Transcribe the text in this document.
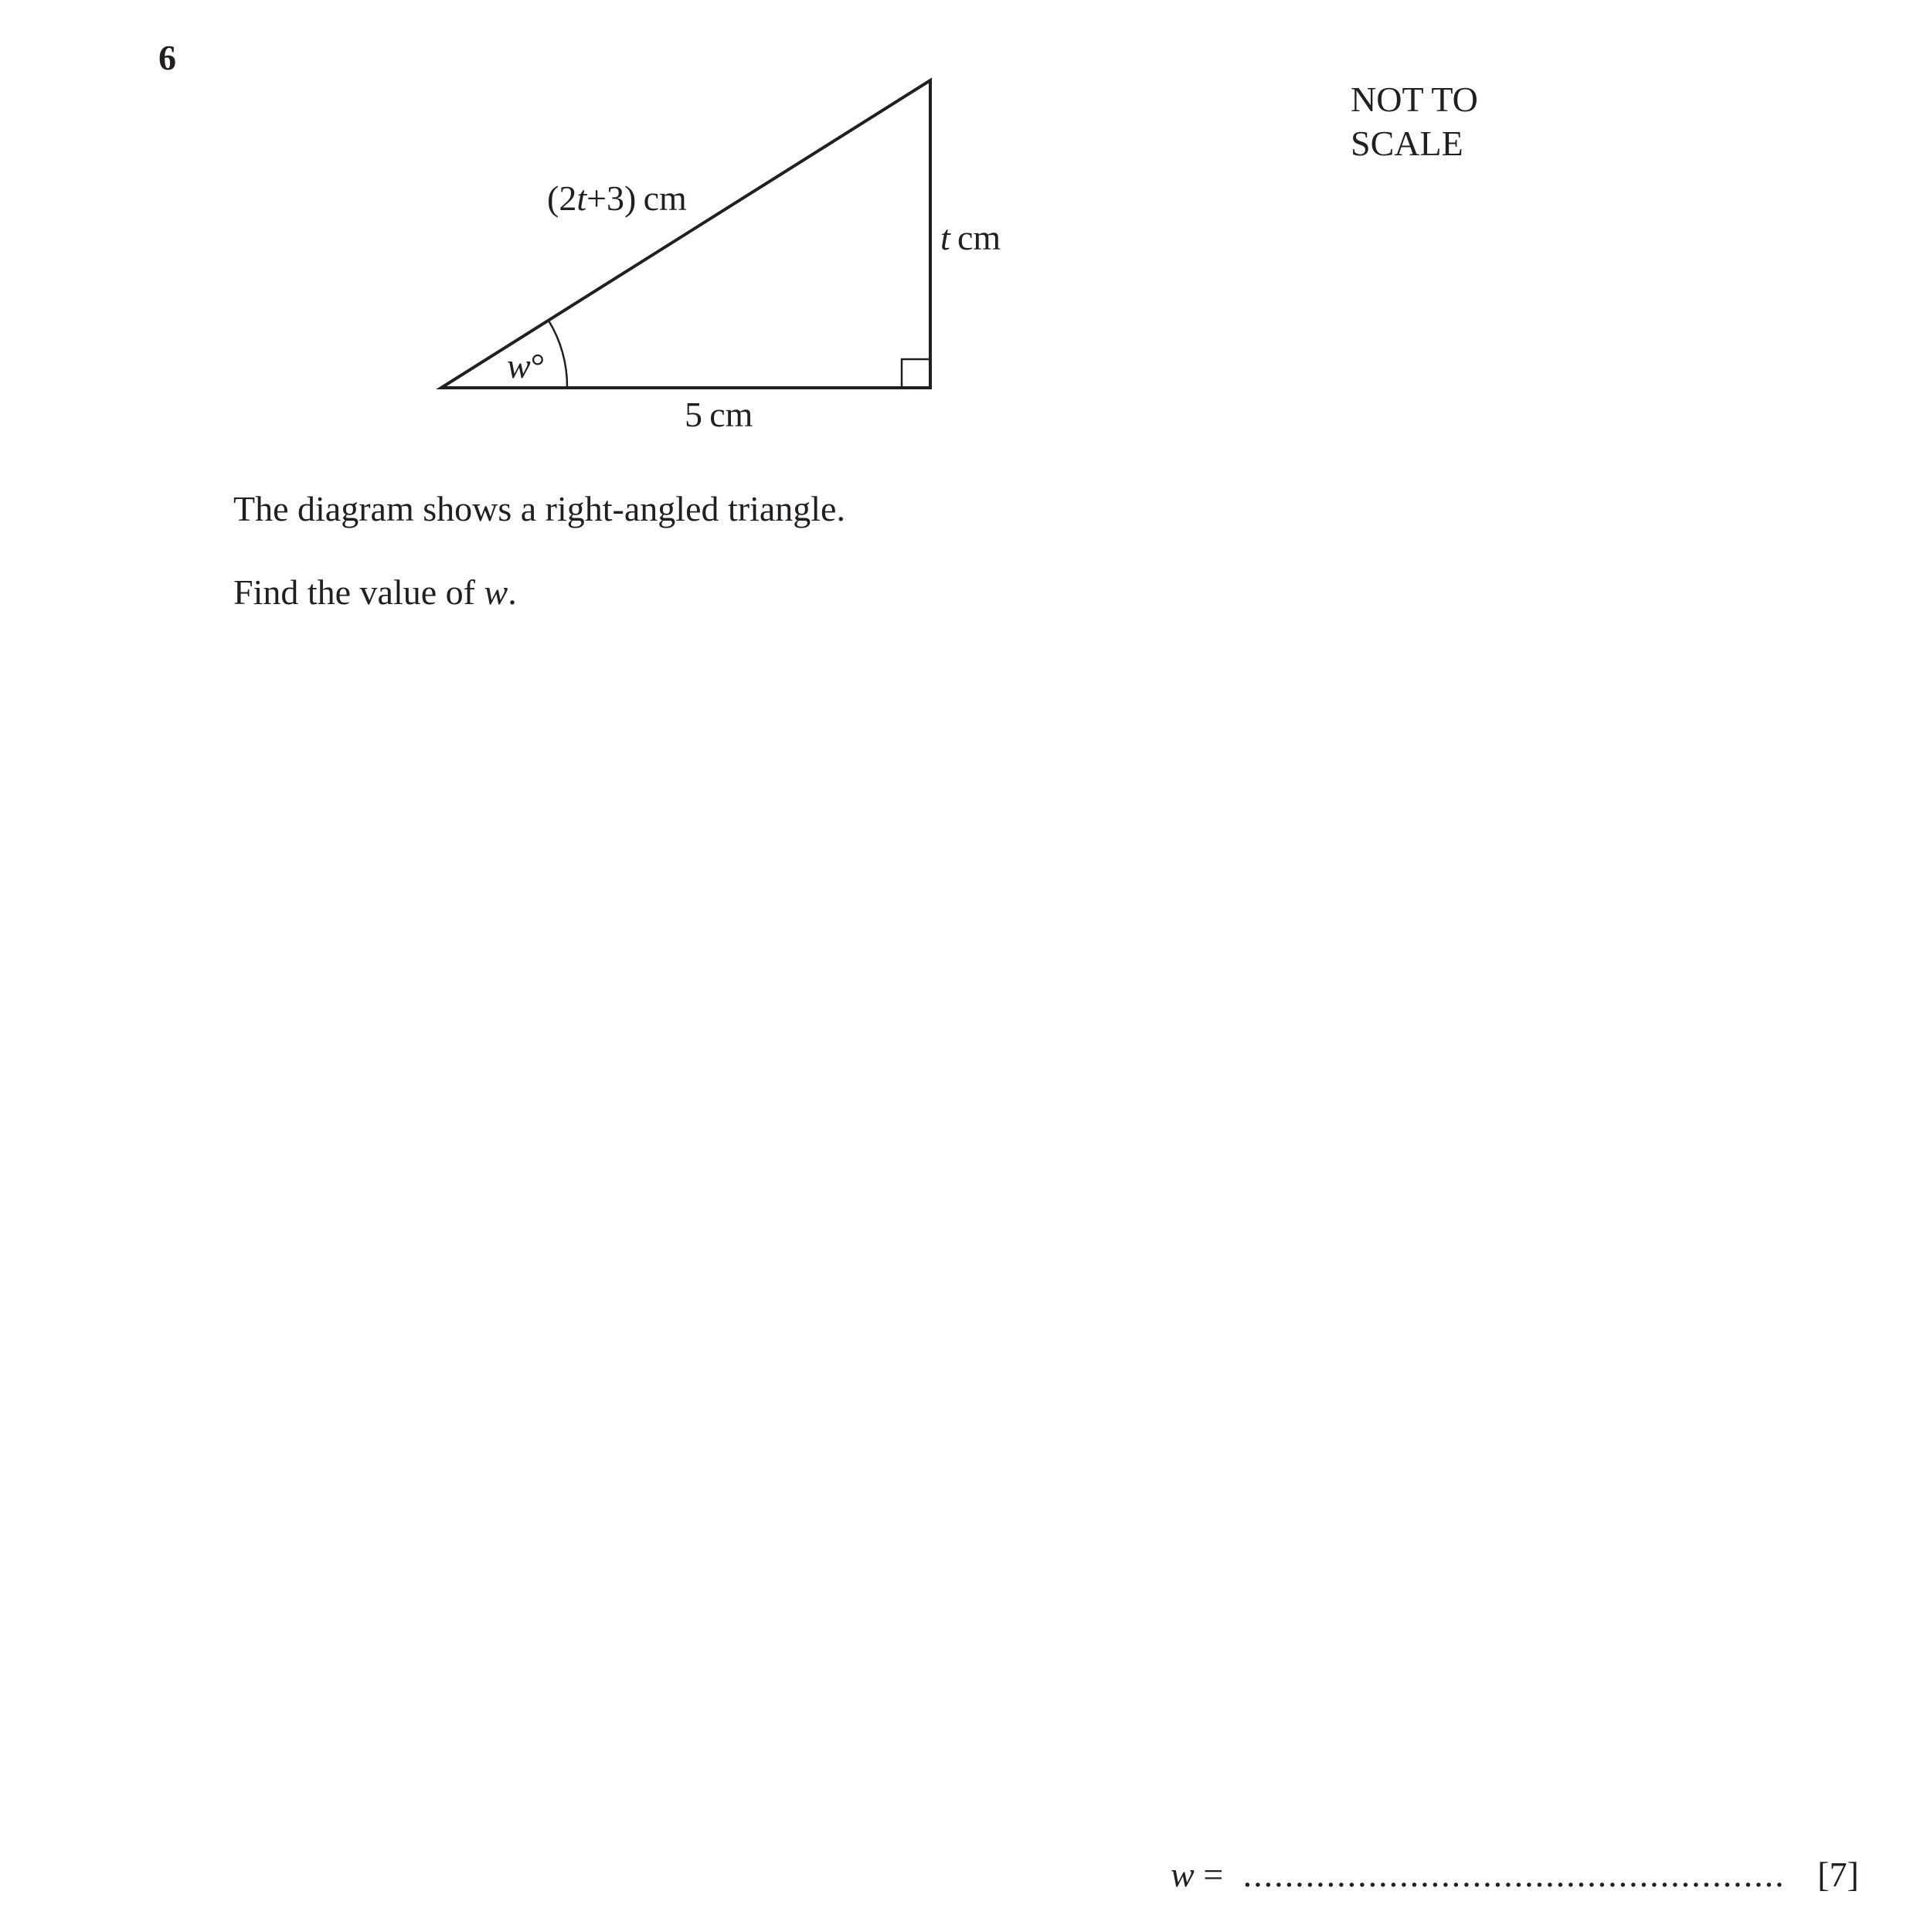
6
NOT TO
SCALE
(2t+3)  cm
t  cm
5  cm
w°
The diagram shows a right-angled triangle.
Find the value of w.
w = .................................................... [7]
